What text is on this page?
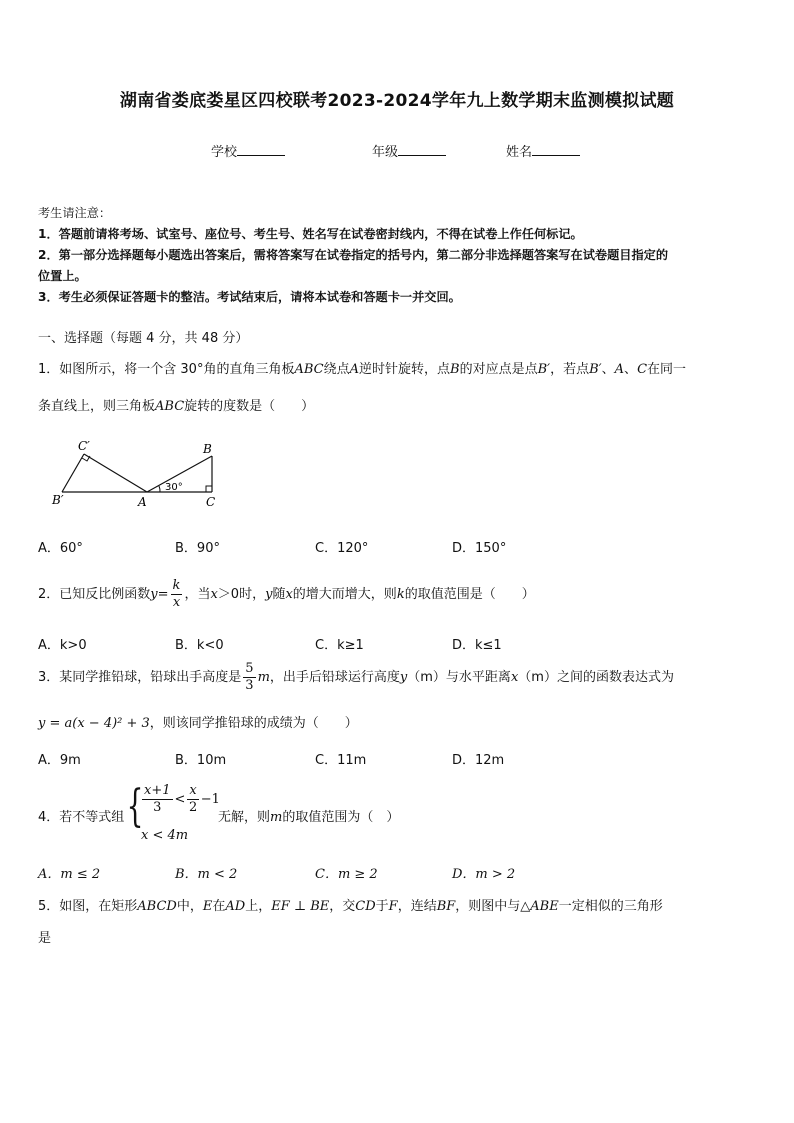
湖南省娄底娄星区四校联考2023-2024学年九上数学期末监测模拟试题
学校	年级	姓名
考生请注意：
1．答题前请将考场、试室号、座位号、考生号、姓名写在试卷密封线内，不得在试卷上作任何标记。
2．第一部分选择题每小题选出答案后，需将答案写在试卷指定的括号内，第二部分非选择题答案写在试卷题目指定的
位置上。
3．考生必须保证答题卡的整洁。考试结束后，请将本试卷和答题卡一并交回。
一、选择题（每题 4 分，共 48 分）
1．如图所示，将一个含 30°角的直角三角板ABC绕点A逆时针旋转，点B的对应点是点B′，若点B′、A、C在同一
条直线上，则三角板ABC旋转的度数是（　　）
C′
B′	A
B
C
30°
A．60°	B．90°	C．120°	D．150°
2．已知反比例函数$y= \frac{k}{x}$ ，当x＞0时，y随x的增大而增大，则k的取值范围是（　　）
A．k>0	B．k<0	C．k≥1	D．k≤1
3．某同学推铅球，铅球出手高度是 $\frac{5}{3}$ m，出手后铅球运行高度y（m）与水平距离x（m）之间的函数表达式为
y = a(x − 4)² + 3，则该同学推铅球的成绩为（　　）
A．9m	B．10m	C．11m	D．12m
4．若不等式组 {
$\frac{x+1}{3} < \frac{x}{2} -1$
x < 4m
无解，则m的取值范围为（　）
A．m ≤ 2	B．m < 2	C．m ≥ 2	D．m > 2
5．如图，在矩形ABCD中，E在AD上，EF ⊥ BE，交CD于F，连结BF，则图中与△ABE一定相似的三角形
是
